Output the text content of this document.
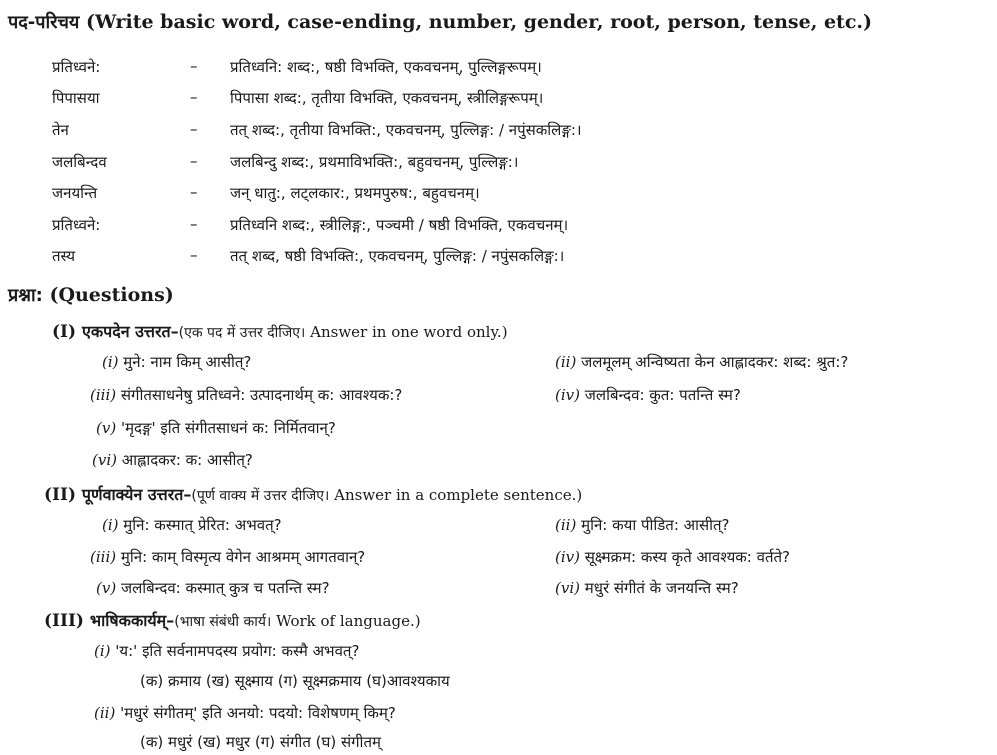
पद-परिचय (Write basic word, case-ending, number, gender, root, person, tense, etc.)
प्रतिध्वने:	– प्रतिध्वनि: शब्द:, षष्ठी विभक्ति, एकवचनम्, पुल्लिङ्गरूपम्।
पिपासया	– पिपासा शब्द:, तृतीया विभक्ति, एकवचनम्, स्त्रीलिङ्गरूपम्।
तेन	– तत् शब्द:, तृतीया विभक्ति:, एकवचनम्, पुल्लिङ्ग: / नपुंसकलिङ्ग:।
जलबिन्दव	– जलबिन्दु शब्द:, प्रथमाविभक्ति:, बहुवचनम्, पुल्लिङ्ग:।
जनयन्ति	– जन् धातु:, लट्लकार:, प्रथमपुरुष:, बहुवचनम्।
प्रतिध्वने:	– प्रतिध्वनि शब्द:, स्त्रीलिङ्ग:, पञ्चमी / षष्ठी विभक्ति, एकवचनम्।
तस्य	– तत् शब्द, षष्ठी विभक्ति:, एकवचनम्, पुल्लिङ्ग: / नपुंसकलिङ्ग:।
प्रश्ना: (Questions)
(I) एकपदेन उत्तरत–(एक पद में उत्तर दीजिए। Answer in one word only.)
(i) मुने: नाम किम् आसीत्?	(ii) जलमूलम् अन्विष्यता केन आह्लादकर: शब्द: श्रुत:?
(iii) संगीतसाधनेषु प्रतिध्वने: उत्पादनार्थम् क: आवश्यक:?	(iv) जलबिन्दव: कुत: पतन्ति स्म?
(v) 'मृदङ्ग' इति संगीतसाधनं क: निर्मितवान्?
(vi) आह्लादकर: क: आसीत्?
(II) पूर्णवाक्येन उत्तरत–(पूर्ण वाक्य में उत्तर दीजिए। Answer in a complete sentence.)
(i) मुनि: कस्मात् प्रेरित: अभवत्?	(ii) मुनि: कया पीडित: आसीत्?
(iii) मुनि: काम् विस्मृत्य वेगेन आश्रमम् आगतवान्?	(iv) सूक्ष्मक्रम: कस्य कृते आवश्यक: वर्तते?
(v) जलबिन्दव: कस्मात् कुत्र च पतन्ति स्म?	(vi) मधुरं संगीतं के जनयन्ति स्म?
(III) भाषिककार्यम्–(भाषा संबंधी कार्य। Work of language.)
(i) 'य:' इति सर्वनामपदस्य प्रयोग: कस्मै अभवत्?
(क) क्रमाय (ख) सूक्ष्माय (ग) सूक्ष्मक्रमाय (घ)आवश्यकाय
(ii) 'मधुरं संगीतम्' इति अनयो: पदयो: विशेषणम् किम्?
(क) मधुरं (ख) मधुर (ग) संगीत (घ) संगीतम्
